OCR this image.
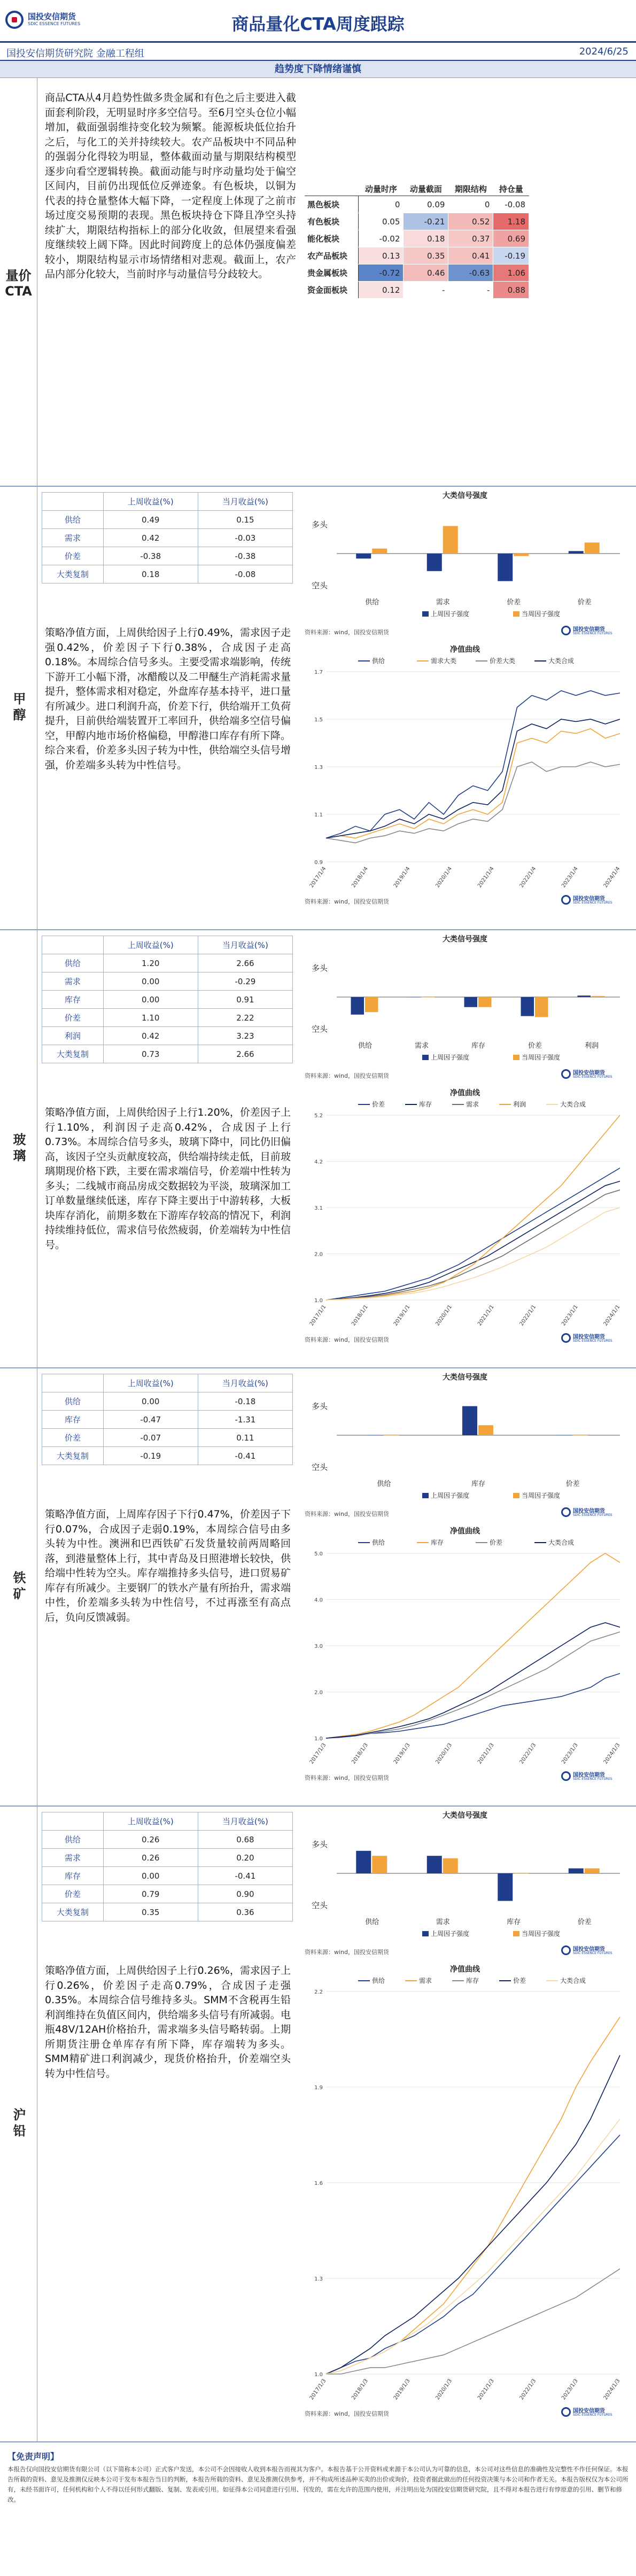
国投安信期货
SDIC ESSENCE FUTURES	商品量化CTA周度跟踪
国投安信期货研究院 金融工程组	2024/6/25
趋势度下降情绪谨慎
量价CTA
商品CTA从4月趋势性做多贵金属和有色之后主要进入截面套利阶段，无明显时序多空信号。至6月空头仓位小幅增加，截面强弱维持变化较为频繁。能源板块低位抬升之后，与化工的关并持续较大。农产品板块中不同品种的强弱分化得较为明显，整体截面动量与期限结构模型逐步向看空逻辑转换。截面动能与时序动量均处于偏空区间内，目前仍出现低位反弹迹象。有色板块，以铜为代表的持仓量整体大幅下降，一定程度上体现了之前市场过度交易预期的表现。黑色板块持仓下降且净空头持续扩大，期限结构指标上的部分化收敛，但展望来看强度继续较上阔下降。因此时间跨度上的总体仍强度偏差较小，期限结构显示市场情绪相对悲观。截面上，农产品内部分化较大，当前时序与动量信号分歧较大。
	动量时序	动量截面	期限结构	持仓量
黑色板块	0	0.09	0	-0.08
有色板块	0.05	-0.21	0.52	1.18
能化板块	-0.02	0.18	0.37	0.69
农产品板块	0.13	0.35	0.41	-0.19
贵金属板块	-0.72	0.46	-0.63	1.06
资金面板块	0.12	-	-	0.88
甲醇
	上周收益(%)	当月收益(%)
供给	0.49	0.15
需求	0.42	-0.03
价差	-0.38	-0.38
大类复制	0.18	-0.08
策略净值方面，上周供给因子上行0.49%，需求因子走强0.42%，价差因子下行0.38%，合成因子走高0.18%。本周综合信号多头。主要受需求端影响，传统下游开工小幅下滑，冰醋酸以及二甲醚生产消耗需求量提升，整体需求相对稳定，外盘库存基本持平，进口量有所减少。进口利润升高，价差下行，供给端开工负荷提升，目前供给端装置开工率回升，供给端多空信号偏空，甲醇内地市场价格偏稳，甲醇港口库存有所下降。综合来看，价差多头因子转为中性，供给端空头信号增强，价差端多头转为中性信号。
大类信号强度
多头
空头
供给	需求	价差	价差
上周因子强度	当周因子强度
资料来源：wind，国投安信期货	国投安信期货
SDIC ESSENCE FUTURES
净值曲线
0.9
1.1
1.3
1.5
1.7
2017/1/4	2018/1/4	2019/1/4	2020/1/4	2021/1/4	2022/1/4	2023/1/4	2024/1/4
供给	需求大类	价差大类	大类合成
资料来源：wind，国投安信期货	国投安信期货
SDIC ESSENCE FUTURES
玻璃
	上周收益(%)	当月收益(%)
供给	1.20	2.66
需求	0.00	-0.29
库存	0.00	0.91
价差	1.10	2.22
利润	0.42	3.23
大类复制	0.73	2.66
策略净值方面，上周供给因子上行1.20%，价差因子上行1.10%，利润因子走高0.42%，合成因子上行0.73%。本周综合信号多头，玻璃下降中，同比仍旧偏高，该因子空头贡献度较高，供给端持续走低，目前玻璃期现价格下跌，主要在需求端信号，价差端中性转为多头；二线城市商品房成交数据较为平淡，玻璃深加工订单数量继续低迷，库存下降主要出于中游转移，大板块库存消化，前期多数在下游库存较高的情况下，利润持续维持低位，需求信号依然疲弱，价差端转为中性信号。
大类信号强度
多头
空头
供给	需求	库存	价差	利润
上周因子强度	当周因子强度
资料来源：wind，国投安信期货	国投安信期货
SDIC ESSENCE FUTURES
净值曲线
1.0
2.0
3.1
4.2
5.2
2017/1/1	2018/1/1	2019/1/1	2020/1/1	2021/1/1	2022/1/1	2023/1/1	2024/1/1
价差	库存	需求	利润	大类合成
资料来源：wind，国投安信期货	国投安信期货
SDIC ESSENCE FUTURES
铁矿
	上周收益(%)	当月收益(%)
供给	0.00	-0.18
库存	-0.47	-1.31
价差	-0.07	0.11
大类复制	-0.19	-0.41
策略净值方面，上周库存因子下行0.47%，价差因子下行0.07%，合成因子走弱0.19%，本周综合信号由多头转为中性。澳洲和巴西铁矿石发货量较前两周略回落，到港量整体上行，其中青岛及日照港增长较快，供给端中性转为空头。库存端推持多头信号，进口贸易矿库存有所减少。主要钢厂的铁水产量有所抬升，需求端中性，价差端多头转为中性信号，不过再涨至有高点后，负向反馈减弱。
大类信号强度
多头
空头
供给	库存	价差
上周因子强度	当周因子强度
资料来源：wind，国投安信期货	国投安信期货
SDIC ESSENCE FUTURES
净值曲线
1.0
2.0
3.0
4.0
5.0
2017/1/3	2018/1/3	2019/1/3	2020/1/3	2021/1/3	2022/1/3	2023/1/3	2024/1/3
供给	库存	价差	大类合成
资料来源：wind，国投安信期货	国投安信期货
SDIC ESSENCE FUTURES
沪铅
	上周收益(%)	当月收益(%)
供给	0.26	0.68
需求	0.26	0.20
库存	0.00	-0.41
价差	0.79	0.90
大类复制	0.35	0.36
策略净值方面，上周供给因子上行0.26%，需求因子上行0.26%，价差因子走高0.79%，合成因子走强0.35%。本周综合信号维持多头。SMM不含税再生铅利润维持在负值区间内，供给端多头信号有所减弱。电瓶48V/12AH价格抬升，需求端多头信号略转弱。上期所期货注册仓单库存有所下降，库存端转为多头。SMM精矿进口利润减少，现货价格抬升，价差端空头转为中性信号。
大类信号强度
多头
空头
供给	需求	库存	价差
上周因子强度	当周因子强度
资料来源：wind，国投安信期货	国投安信期货
SDIC ESSENCE FUTURES
净值曲线
1.0
1.3
1.6
1.9
2.2
2017/1/3	2018/1/3	2019/1/3	2020/1/3	2021/1/3	2022/1/3	2023/1/3	2024/1/3
供给	需求	库存	价差	大类合成
资料来源：wind，国投安信期货	国投安信期货
SDIC ESSENCE FUTURES
【免责声明】
本报告仅向国投安信期货有限公司（以下简称本公司）正式客户发送，本公司不会因接收人收到本报告而视其为客户。本报告基于公开资料或来源于本公司认为可靠的信息，本公司对这些信息的准确性及完整性不作任何保证。本报告所载的资料、意见及推测仅反映本公司于发布本报告当日的判断，本报告所载的资料、意见及推测仅供参考，并不构成所述品种买卖的出价或询价，投资者据此做出的任何投资决策与本公司和作者无关。本报告版权仅为本公司所有，未经书面许可，任何机构和个人不得以任何形式翻版、复制、发表或引用。如征得本公司同意进行引用、刊发的，需在允许的范围内使用，并注明出处为国投安信期货研究院，且不得对本报告进行有悖原意的引用、删节和修改。
